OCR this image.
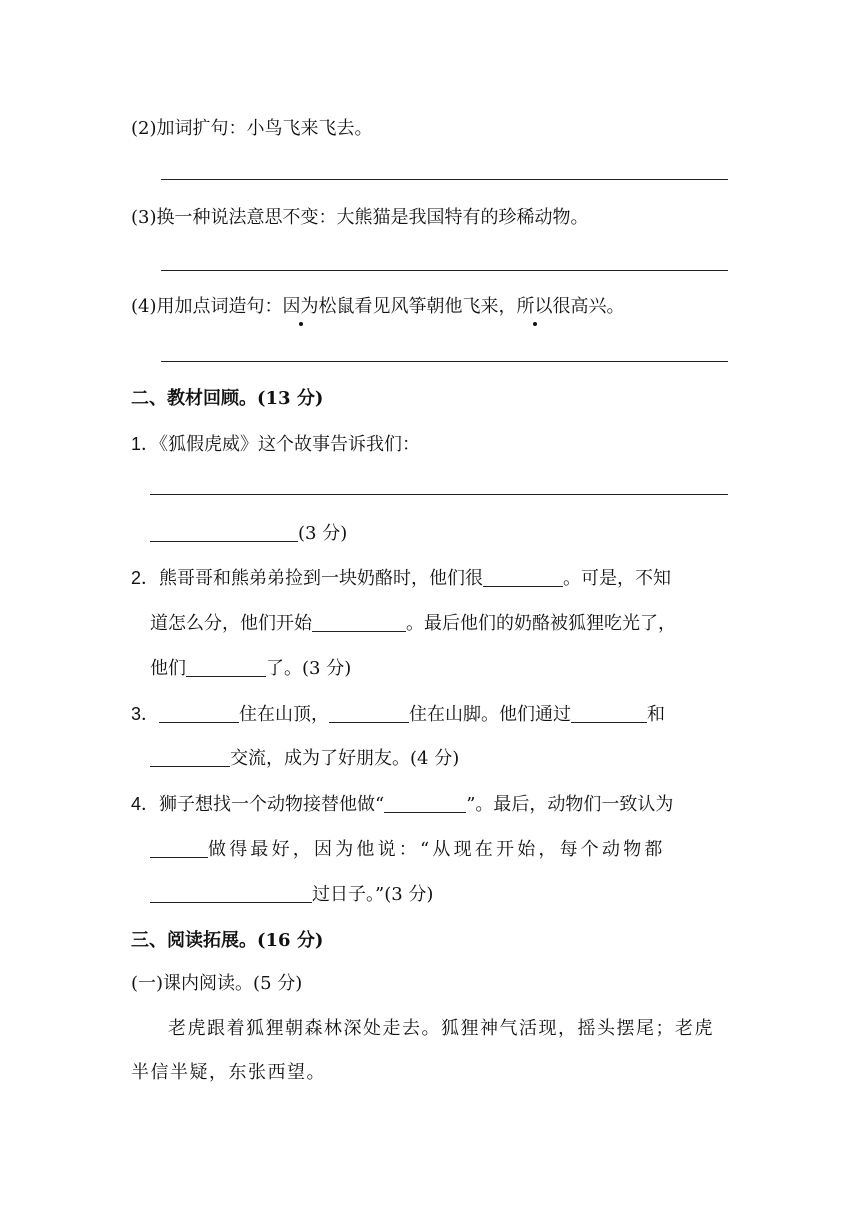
(2)加词扩句：小鸟飞来飞去。
(3)换一种说法意思不变：大熊猫是我国特有的珍稀动物。
(4)用加点词造句：因为松鼠看见风筝朝他飞来，所以很高兴。
二、教材回顾。(13 分)
1．《狐假虎威》这个故事告诉我们：
(3 分)
2．熊哥哥和熊弟弟捡到一块奶酪时，他们很	。可是，不知
道怎么分，他们开始	。最后他们的奶酪被狐狸吃光了，
他们	了。(3 分)
3．	住在山顶，	住在山脚。他们通过	和
交流，成为了好朋友。(4 分)
4．狮子想找一个动物接替他做“	”。最后，动物们一致认为
做得最好，因为他说：“从现在开始，每个动物都
过日子。”(3 分)
三、阅读拓展。(16 分)
(一)课内阅读。(5 分)
老虎跟着狐狸朝森林深处走去。狐狸神气活现，摇头摆尾；老虎
半信半疑，东张西望。
